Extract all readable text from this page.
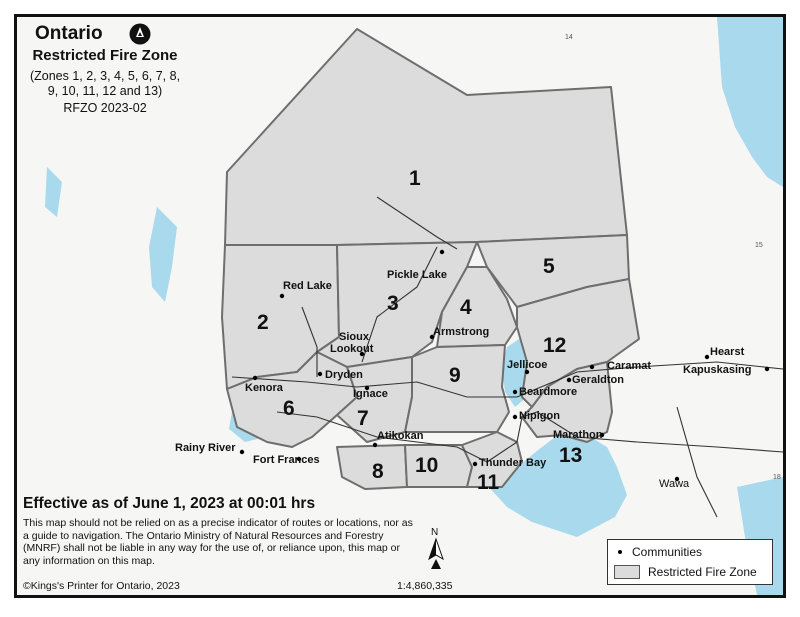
14
15
18
1
2
3	4
5
6	7
8
9
10
11
12
13
Red Lake
Pickle Lake
Sioux Lookout
Armstrong
Dryden
Kenora	Ignace
Jellicoe
Geraldton
Caramat
Hearst
Kapuskasing
Beardmore
Nipigon
Marathon
Atikokan
Rainy River
Fort Frances	Thunder Bay
Wawa
Ontario
Restricted Fire Zone
(Zones 1, 2, 3, 4, 5, 6, 7, 8, 9, 10, 11, 12 and 13)
RFZO 2023-02
Effective as of June 1, 2023 at 00:01 hrs
This map should not be relied on as a precise indicator of routes or locations, nor as a guide to navigation. The Ontario Ministry of Natural Resources and Forestry (MNRF) shall not be liable in any way for the use of, or reliance upon, this map or any information on this map.
©Kings's Printer for Ontario, 2023	1:4,860,335
N
Communities
Restricted Fire Zone
